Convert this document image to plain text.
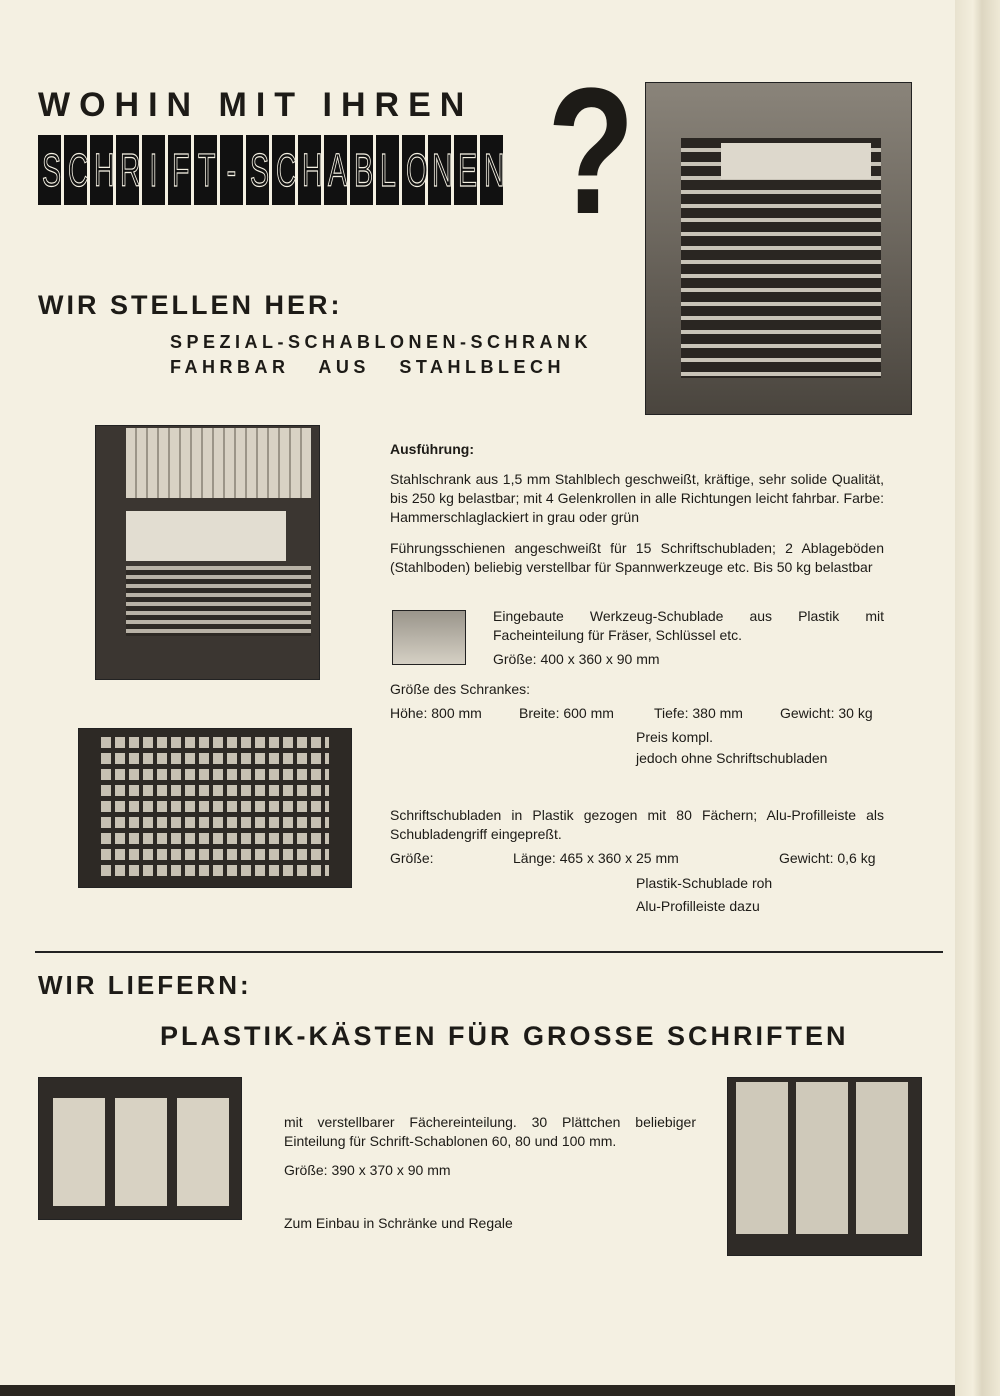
WOHIN MIT IHREN
S C H R I F T - S C H A B L O N E N ?
WIR STELLEN HER:
SPEZIAL-SCHABLONEN-SCHRANK
FAHRBAR AUS STAHLBLECH
Ausführung:
Stahlschrank aus 1,5 mm Stahlblech geschweißt, kräftige, sehr solide Qualität, bis 250 kg belastbar; mit 4 Gelenkrollen in alle Richtungen leicht fahrbar. Farbe: Hammerschlaglackiert in grau oder grün
Führungsschienen angeschweißt für 15 Schriftschubladen; 2 Ablageböden (Stahlboden) beliebig verstellbar für Spannwerkzeuge etc. Bis 50 kg belastbar
Eingebaute Werkzeug-Schublade aus Plastik mit Facheinteilung für Fräser, Schlüssel etc.
Größe: 400 x 360 x 90 mm
Größe des Schrankes:
Höhe: 800 mm	Breite: 600 mm	Tiefe: 380 mm	Gewicht: 30 kg
Preis kompl.
jedoch ohne Schriftschubladen
Schriftschubladen in Plastik gezogen mit 80 Fächern; Alu-Profilleiste als Schubladengriff eingepreßt.
Größe:	Länge: 465 x 360 x 25 mm	Gewicht: 0,6 kg
Plastik-Schublade roh
Alu-Profilleiste dazu
WIR LIEFERN:
PLASTIK-KÄSTEN FÜR GROSSE SCHRIFTEN
mit verstellbarer Fächereinteilung. 30 Plättchen beliebiger Einteilung für Schrift-Schablonen 60, 80 und 100 mm.
Größe: 390 x 370 x 90 mm
Zum Einbau in Schränke und Regale
